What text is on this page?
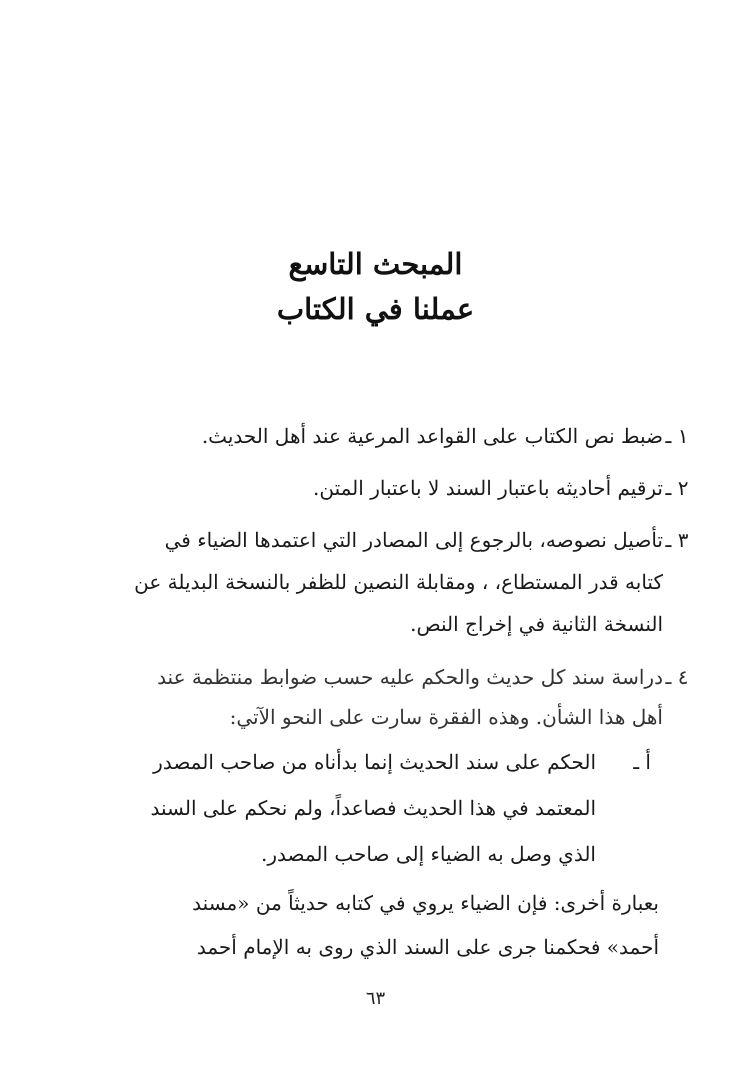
المبحث التاسع
عملنا في الكتاب
١ ـ
ضبط نص الكتاب على القواعد المرعية عند أهل الحديث.
٢ ـ
ترقيم أحاديثه باعتبار السند لا باعتبار المتن.
٣ ـ
تأصيل نصوصه، بالرجوع إلى المصادر التي اعتمدها الضياء في
كتابه قدر المستطاع، ، ومقابلة النصين للظفر بالنسخة البديلة عن
النسخة الثانية في إخراج النص.
٤ ـ
دراسة سند كل حديث والحكم عليه حسب ضوابط منتظمة عند
أهل هذا الشأن. وهذه الفقرة سارت على النحو الآتي:
أ ـ
الحكم على سند الحديث إنما بدأناه من صاحب المصدر
المعتمد في هذا الحديث فصاعداً، ولم نحكم على السند
الذي وصل به الضياء إلى صاحب المصدر.
بعبارة أخرى: فإن الضياء يروي في كتابه حديثاً من «مسند
أحمد» فحكمنا جرى على السند الذي روى به الإمام أحمد
٦٣
